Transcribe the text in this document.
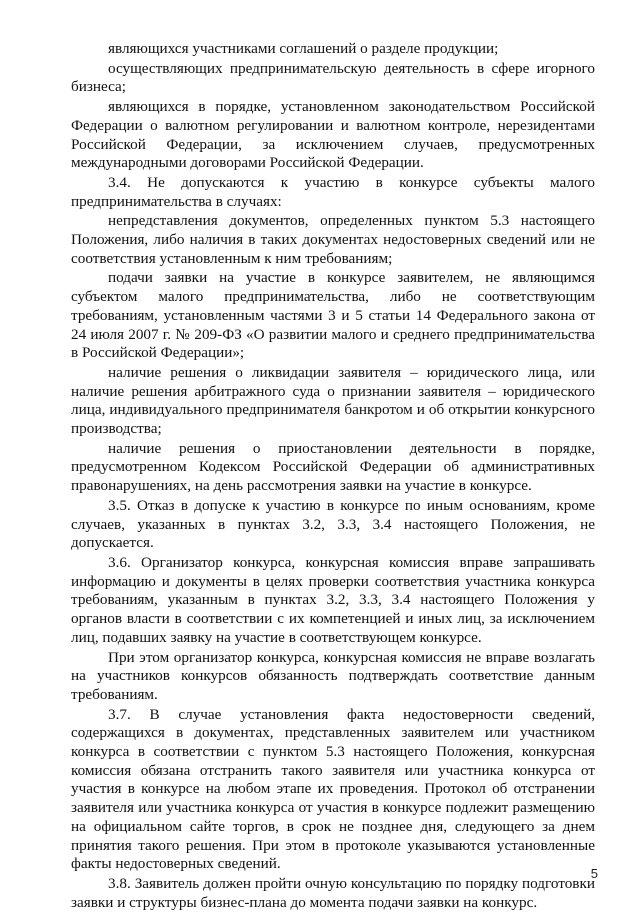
являющихся участниками соглашений о разделе продукции;

осуществляющих предпринимательскую деятельность в сфере игорного бизнеса;

являющихся в порядке, установленном законодательством Российской Федерации о валютном регулировании и валютном контроле, нерезидентами Российской Федерации, за исключением случаев, предусмотренных международными договорами Российской Федерации.

3.4. Не допускаются к участию в конкурсе субъекты малого предпринимательства в случаях:

непредставления документов, определенных пунктом 5.3 настоящего Положения, либо наличия в таких документах недостоверных сведений или не соответствия установленным к ним требованиям;

подачи заявки на участие в конкурсе заявителем, не являющимся субъектом малого предпринимательства, либо не соответствующим требованиям, установленным частями 3 и 5 статьи 14 Федерального закона от 24 июля 2007 г. № 209-ФЗ «О развитии малого и среднего предпринимательства в Российской Федерации»;

наличие решения о ликвидации заявителя – юридического лица, или наличие решения арбитражного суда о признании заявителя – юридического лица, индивидуального предпринимателя банкротом и об открытии конкурсного производства;

наличие решения о приостановлении деятельности в порядке, предусмотренном Кодексом Российской Федерации об административных правонарушениях, на день рассмотрения заявки на участие в конкурсе.

3.5. Отказ в допуске к участию в конкурсе по иным основаниям, кроме случаев, указанных в пунктах 3.2, 3.3, 3.4 настоящего Положения, не допускается.

3.6. Организатор конкурса, конкурсная комиссия вправе запрашивать информацию и документы в целях проверки соответствия участника конкурса требованиям, указанным в пунктах 3.2, 3.3, 3.4 настоящего Положения у органов власти в соответствии с их компетенцией и иных лиц, за исключением лиц, подавших заявку на участие в соответствующем конкурсе.

При этом организатор конкурса, конкурсная комиссия не вправе возлагать на участников конкурсов обязанность подтверждать соответствие данным требованиям.

3.7. В случае установления факта недостоверности сведений, содержащихся в документах, представленных заявителем или участником конкурса в соответствии с пунктом 5.3 настоящего Положения, конкурсная комиссия обязана отстранить такого заявителя или участника конкурса от участия в конкурсе на любом этапе их проведения. Протокол об отстранении заявителя или участника конкурса от участия в конкурсе подлежит размещению на официальном сайте торгов, в срок не позднее дня, следующего за днем принятия такого решения. При этом в протоколе указываются установленные факты недостоверных сведений.

3.8. Заявитель должен пройти очную консультацию по порядку подготовки заявки и структуры бизнес-плана до момента подачи заявки на конкурс.

5
